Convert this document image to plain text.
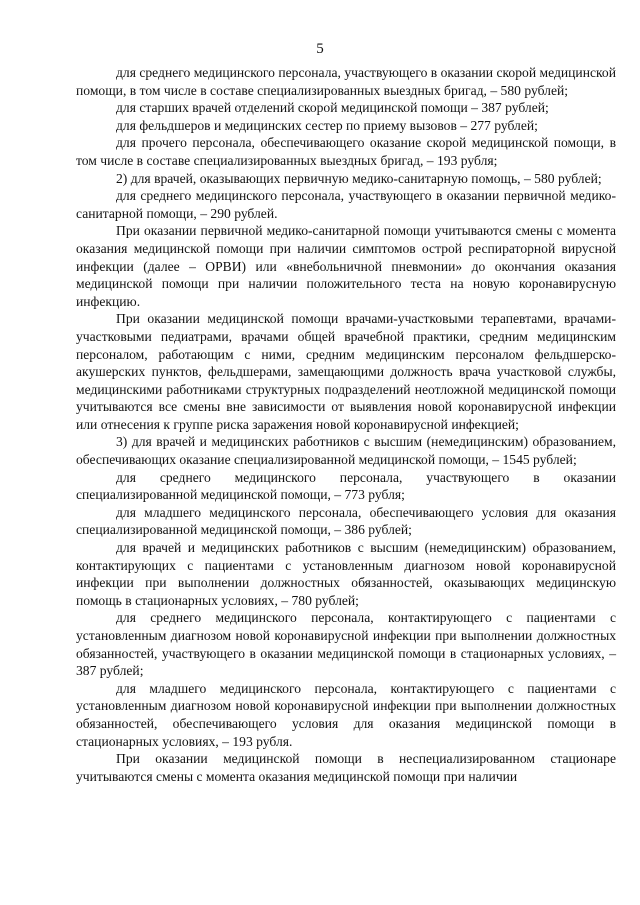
5

для среднего медицинского персонала, участвующего в оказании скорой медицинской помощи, в том числе в составе специализированных выездных бригад, – 580 рублей;

для старших врачей отделений скорой медицинской помощи – 387 рублей;

для фельдшеров и медицинских сестер по приему вызовов – 277 рублей;

для прочего персонала, обеспечивающего оказание скорой медицинской помощи, в том числе в составе специализированных выездных бригад, – 193 рубля;

2) для врачей, оказывающих первичную медико-санитарную помощь, – 580 рублей;

для среднего медицинского персонала, участвующего в оказании первичной медико-санитарной помощи, – 290 рублей.

При оказании первичной медико-санитарной помощи учитываются смены с момента оказания медицинской помощи при наличии симптомов острой респираторной вирусной инфекции (далее – ОРВИ) или «внебольничной пневмонии» до окончания оказания медицинской помощи при наличии положительного теста на новую коронавирусную инфекцию.

При оказании медицинской помощи врачами-участковыми терапевтами, врачами-участковыми педиатрами, врачами общей врачебной практики, средним медицинским персоналом, работающим с ними, средним медицинским персоналом фельдшерско-акушерских пунктов, фельдшерами, замещающими должность врача участковой службы, медицинскими работниками структурных подразделений неотложной медицинской помощи учитываются все смены вне зависимости от выявления новой коронавирусной инфекции или отнесения к группе риска заражения новой коронавирусной инфекцией;

3) для врачей и медицинских работников с высшим (немедицинским) образованием, обеспечивающих оказание специализированной медицинской помощи, – 1545 рублей;

для среднего медицинского персонала, участвующего в оказании специализированной медицинской помощи, – 773 рубля;

для младшего медицинского персонала, обеспечивающего условия для оказания специализированной медицинской помощи, – 386 рублей;

для врачей и медицинских работников с высшим (немедицинским) образованием, контактирующих с пациентами с установленным диагнозом новой коронавирусной инфекции при выполнении должностных обязанностей, оказывающих медицинскую помощь в стационарных условиях, – 780 рублей;

для среднего медицинского персонала, контактирующего с пациентами с установленным диагнозом новой коронавирусной инфекции при выполнении должностных обязанностей, участвующего в оказании медицинской помощи в стационарных условиях, – 387 рублей;

для младшего медицинского персонала, контактирующего с пациентами с установленным диагнозом новой коронавирусной инфекции при выполнении должностных обязанностей, обеспечивающего условия для оказания медицинской помощи в стационарных условиях, – 193 рубля.

При оказании медицинской помощи в неспециализированном стационаре учитываются смены с момента оказания медицинской помощи при наличии
